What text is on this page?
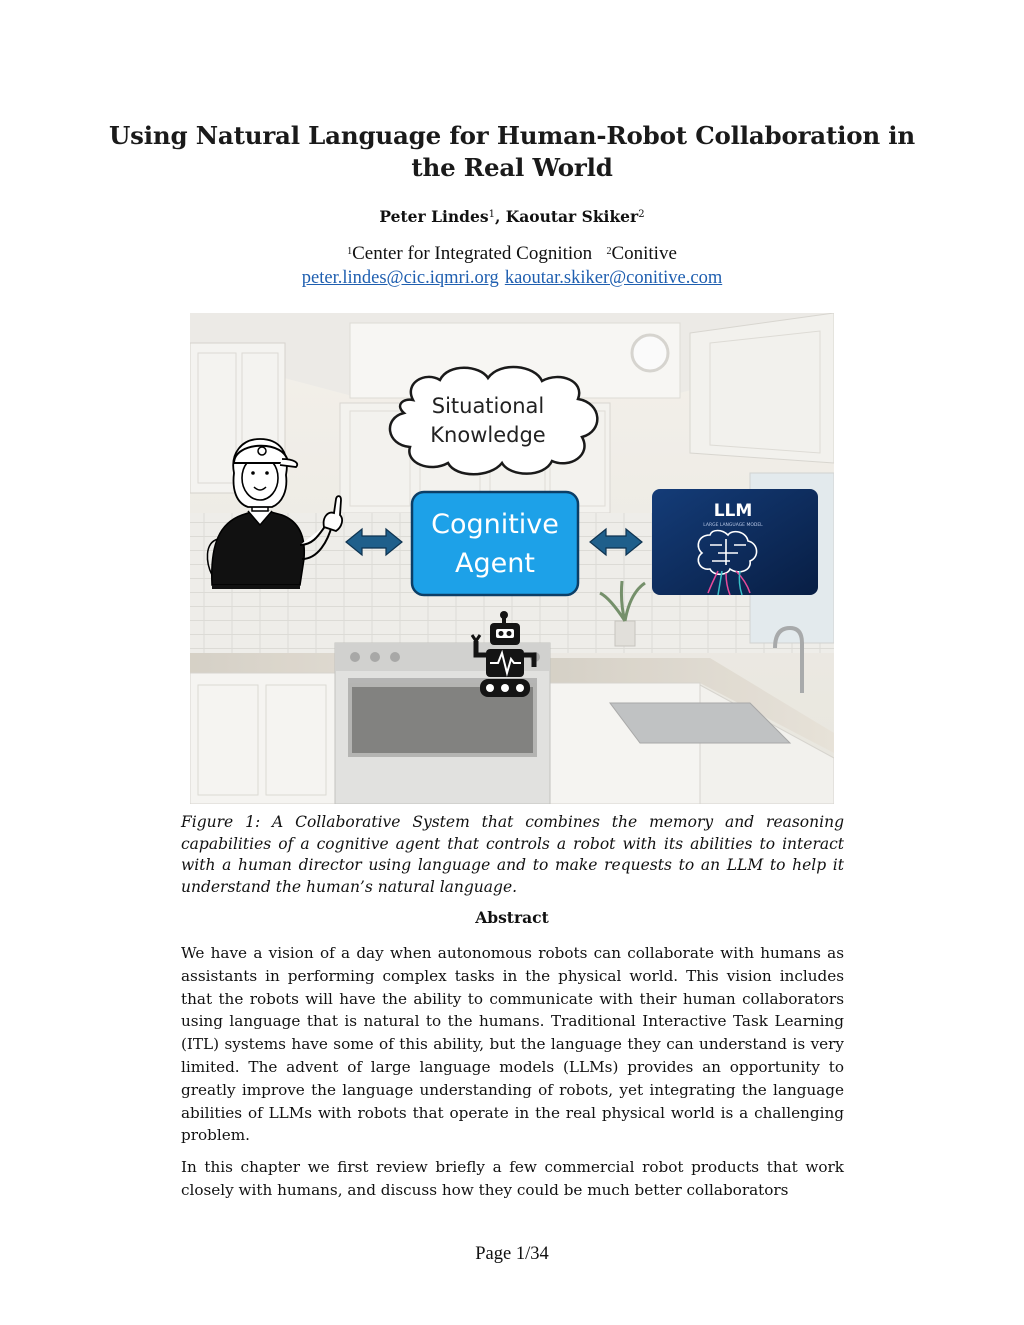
Using Natural Language for Human-Robot Collaboration in the Real World
Peter Lindes$^1$, Kaoutar Skiker$^2$
$^1$Center for Integrated Cognition $^2$Conitive
peter.lindes@cic.iqmri.org kaoutar.skiker@conitive.com
Situational
Knowledge
Cognitive
Agent
LLM
LARGE LANGUAGE MODEL
Figure 1: A Collaborative System that combines the memory and reasoning capabilities of a cognitive agent that controls a robot with its abilities to interact with a human director using language and to make requests to an LLM to help it understand the human’s natural language.
Abstract
We have a vision of a day when autonomous robots can collaborate with humans as assistants in performing complex tasks in the physical world. This vision includes that the robots will have the ability to communicate with their human collaborators using language that is natural to the humans. Traditional Interactive Task Learning (ITL) systems have some of this ability, but the language they can understand is very limited. The advent of large language models (LLMs) provides an opportunity to greatly improve the language understanding of robots, yet integrating the language abilities of LLMs with robots that operate in the real physical world is a challenging problem.
In this chapter we first review briefly a few commercial robot products that work closely with humans, and discuss how they could be much better collaborators
Page 1/34
